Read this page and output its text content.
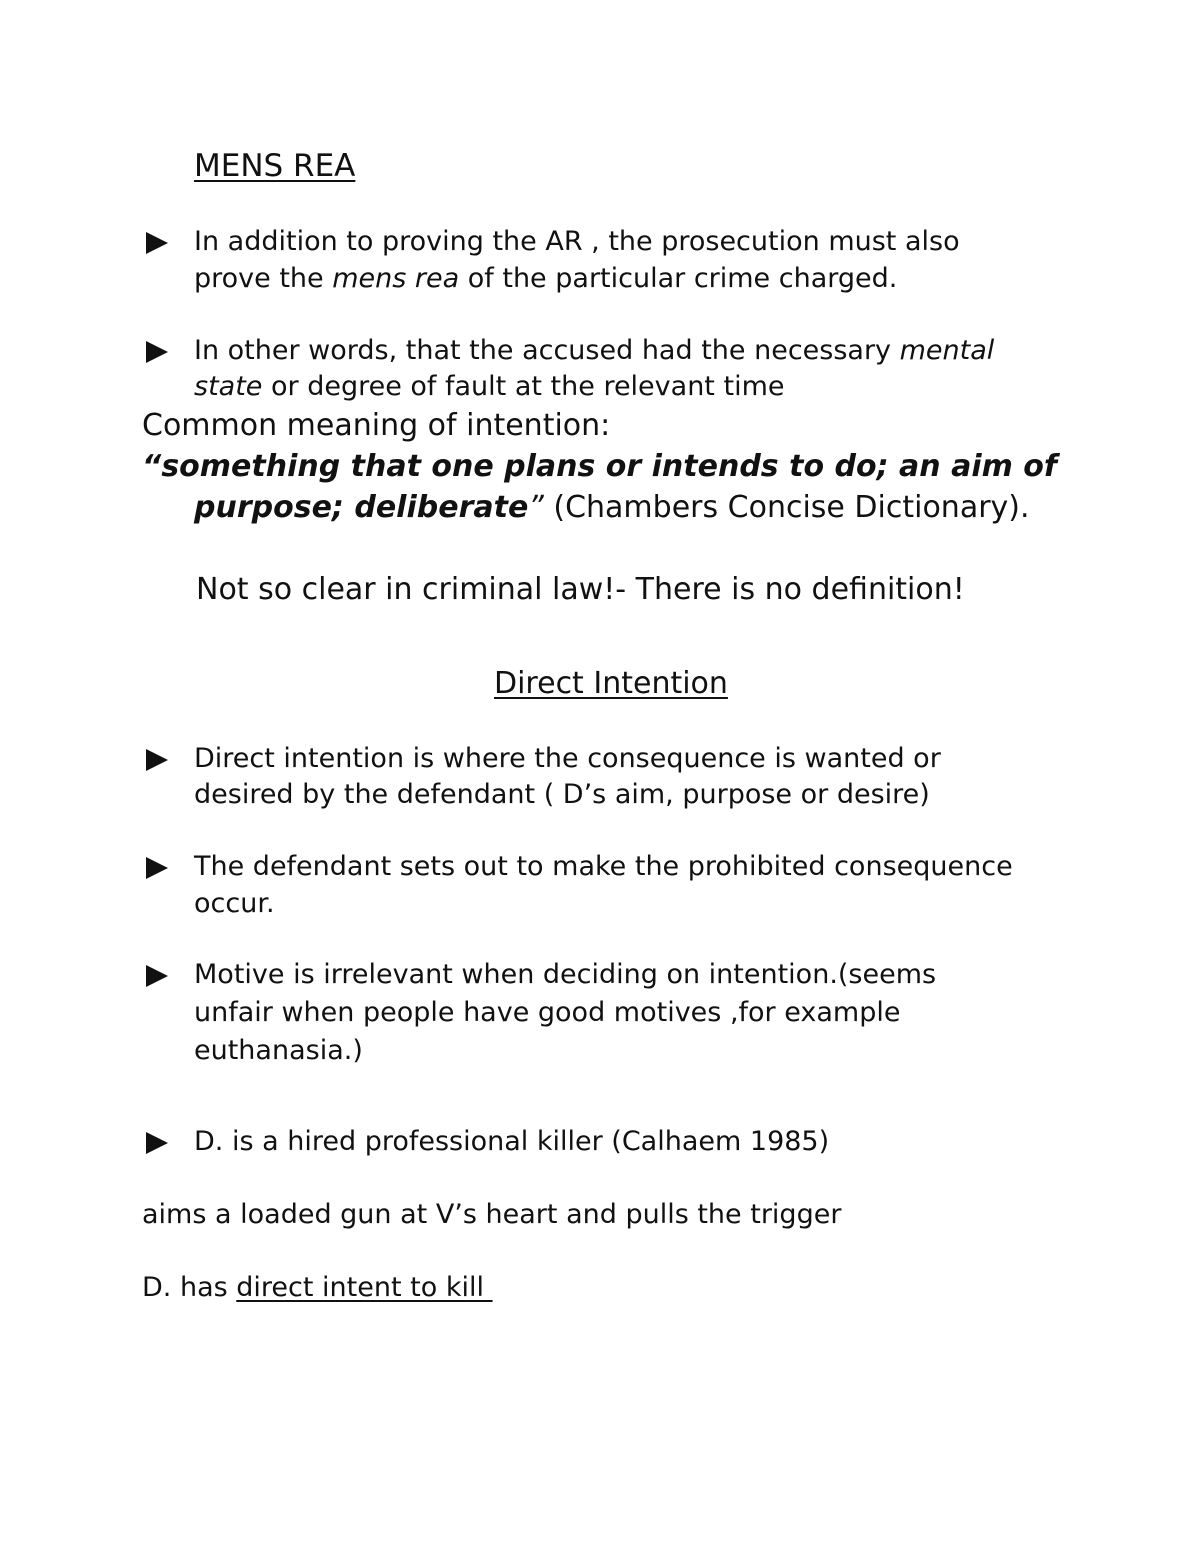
MENS REA
In addition to proving the AR , the prosecution must also
prove the mens rea of the particular crime charged.
In other words, that the accused had the necessary mental
state or degree of fault at the relevant time
Common meaning of intention:
“something that one plans or intends to do; an aim of
purpose; deliberate” (Chambers Concise Dictionary).
Not so clear in criminal law!- There is no definition!
Direct Intention
Direct intention is where the consequence is wanted or
desired by the defendant ( D’s aim, purpose or desire)
The defendant sets out to make the prohibited consequence
occur.
Motive is irrelevant when deciding on intention.(seems
unfair when people have good motives ,for example
euthanasia.)
D. is a hired professional killer (Calhaem 1985)
aims a loaded gun at V’s heart and pulls the trigger
D. has direct intent to kill
